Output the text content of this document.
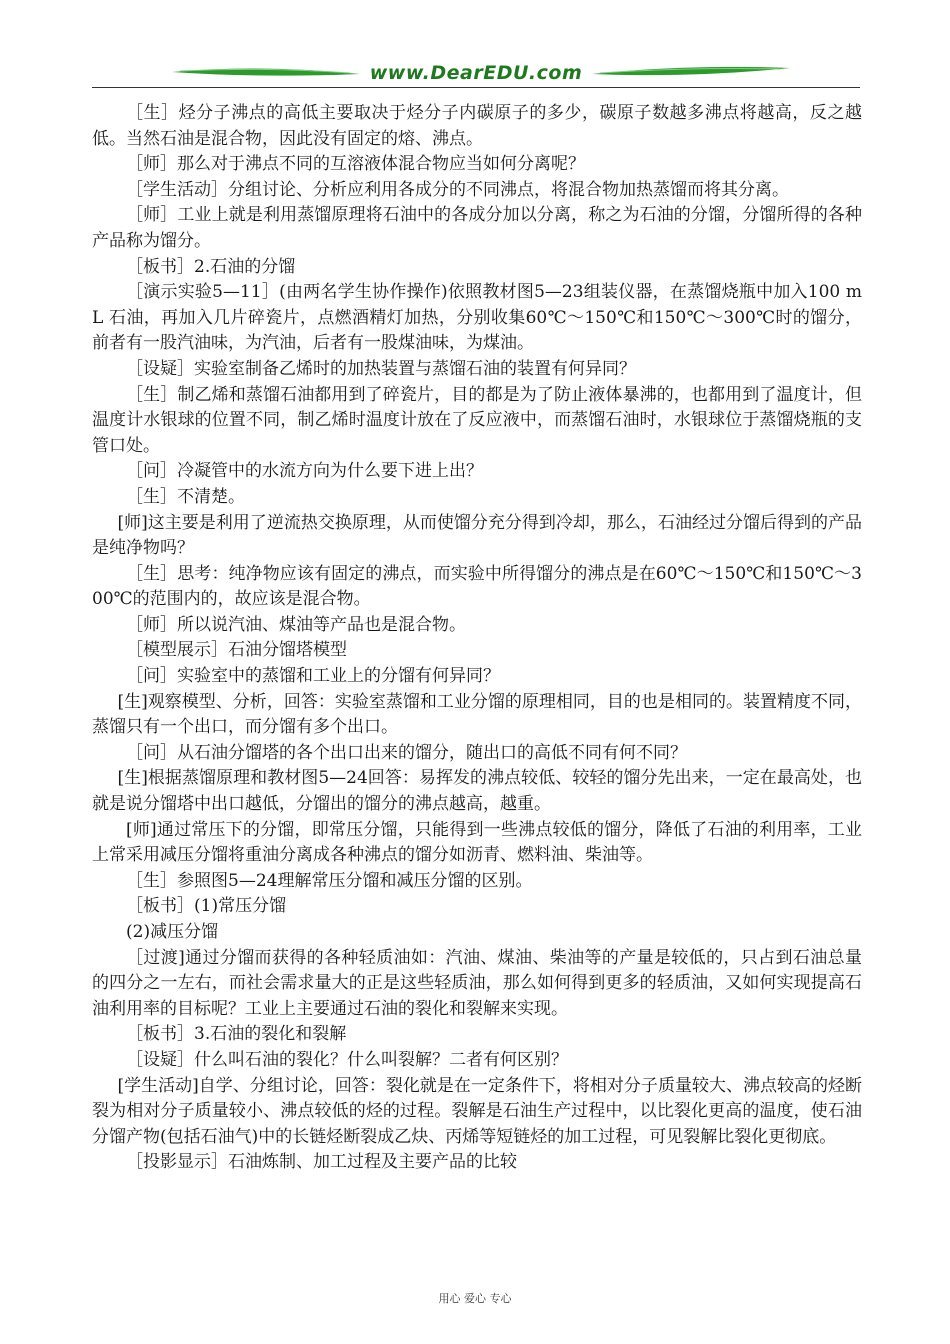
www.DearEDU.com

［生］烃分子沸点的高低主要取决于烃分子内碳原子的多少，碳原子数越多沸点将越高，反之越低。当然石油是混合物，因此没有固定的熔、沸点。

［师］那么对于沸点不同的互溶液体混合物应当如何分离呢？

［学生活动］分组讨论、分析应利用各成分的不同沸点，将混合物加热蒸馏而将其分离。

［师］工业上就是利用蒸馏原理将石油中的各成分加以分离，称之为石油的分馏，分馏所得的各种产品称为馏分。

［板书］2.石油的分馏

［演示实验5—11］(由两名学生协作操作)依照教材图5—23组装仪器，在蒸馏烧瓶中加入100 mL 石油，再加入几片碎瓷片，点燃酒精灯加热，分别收集60℃～150℃和150℃～300℃时的馏分，前者有一股汽油味，为汽油，后者有一股煤油味，为煤油。

［设疑］实验室制备乙烯时的加热装置与蒸馏石油的装置有何异同？

［生］制乙烯和蒸馏石油都用到了碎瓷片，目的都是为了防止液体暴沸的，也都用到了温度计，但温度计水银球的位置不同，制乙烯时温度计放在了反应液中，而蒸馏石油时，水银球位于蒸馏烧瓶的支管口处。

［问］冷凝管中的水流方向为什么要下进上出？

［生］不清楚。

[师]这主要是利用了逆流热交换原理，从而使馏分充分得到冷却，那么，石油经过分馏后得到的产品是纯净物吗？

［生］思考：纯净物应该有固定的沸点，而实验中所得馏分的沸点是在60℃～150℃和150℃～300℃的范围内的，故应该是混合物。

［师］所以说汽油、煤油等产品也是混合物。

［模型展示］石油分馏塔模型

［问］实验室中的蒸馏和工业上的分馏有何异同？

[生]观察模型、分析，回答：实验室蒸馏和工业分馏的原理相同，目的也是相同的。装置精度不同，蒸馏只有一个出口，而分馏有多个出口。

［问］从石油分馏塔的各个出口出来的馏分，随出口的高低不同有何不同？

[生]根据蒸馏原理和教材图5—24回答：易挥发的沸点较低、较轻的馏分先出来，一定在最高处，也就是说分馏塔中出口越低，分馏出的馏分的沸点越高，越重。

[师]通过常压下的分馏，即常压分馏，只能得到一些沸点较低的馏分，降低了石油的利用率，工业上常采用减压分馏将重油分离成各种沸点的馏分如沥青、燃料油、柴油等。

［生］参照图5—24理解常压分馏和减压分馏的区别。

［板书］(1)常压分馏

(2)减压分馏

［过渡]通过分馏而获得的各种轻质油如：汽油、煤油、柴油等的产量是较低的，只占到石油总量的四分之一左右，而社会需求量大的正是这些轻质油，那么如何得到更多的轻质油，又如何实现提高石油利用率的目标呢？工业上主要通过石油的裂化和裂解来实现。

［板书］3.石油的裂化和裂解

［设疑］什么叫石油的裂化？什么叫裂解？二者有何区别？

[学生活动]自学、分组讨论，回答：裂化就是在一定条件下，将相对分子质量较大、沸点较高的烃断裂为相对分子质量较小、沸点较低的烃的过程。裂解是石油生产过程中，以比裂化更高的温度，使石油分馏产物(包括石油气)中的长链烃断裂成乙炔、丙烯等短链烃的加工过程，可见裂解比裂化更彻底。

［投影显示］石油炼制、加工过程及主要产品的比较

用心 爱心 专心
